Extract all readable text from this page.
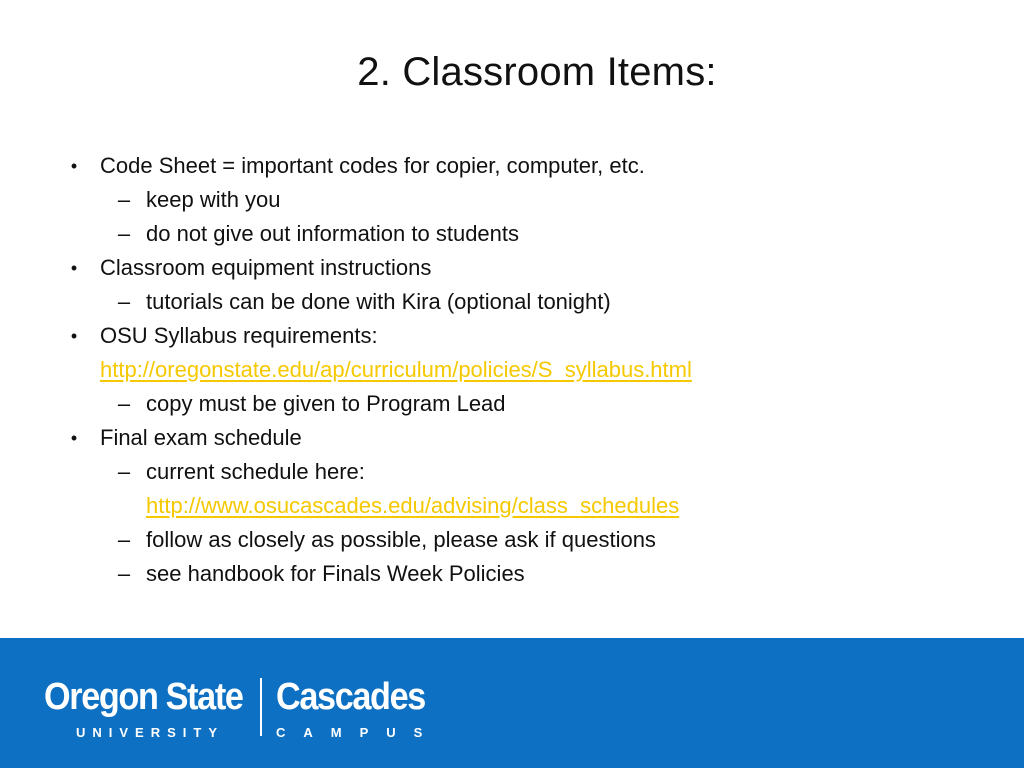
2. Classroom Items:
•	Code Sheet = important codes for copier, computer, etc.
– keep with you
– do not give out information to students
•	Classroom equipment instructions
– tutorials can be done with Kira (optional tonight)
•	OSU Syllabus requirements:
http://oregonstate.edu/ap/curriculum/policies/S_syllabus.html
– copy must be given to Program Lead
•	Final exam schedule
– current schedule here:
http://www.osucascades.edu/advising/class_schedules
– follow as closely as possible, please ask if questions
– see handbook for Finals Week Policies
Oregon State
UNIVERSITY
Cascades
CAMPUS
